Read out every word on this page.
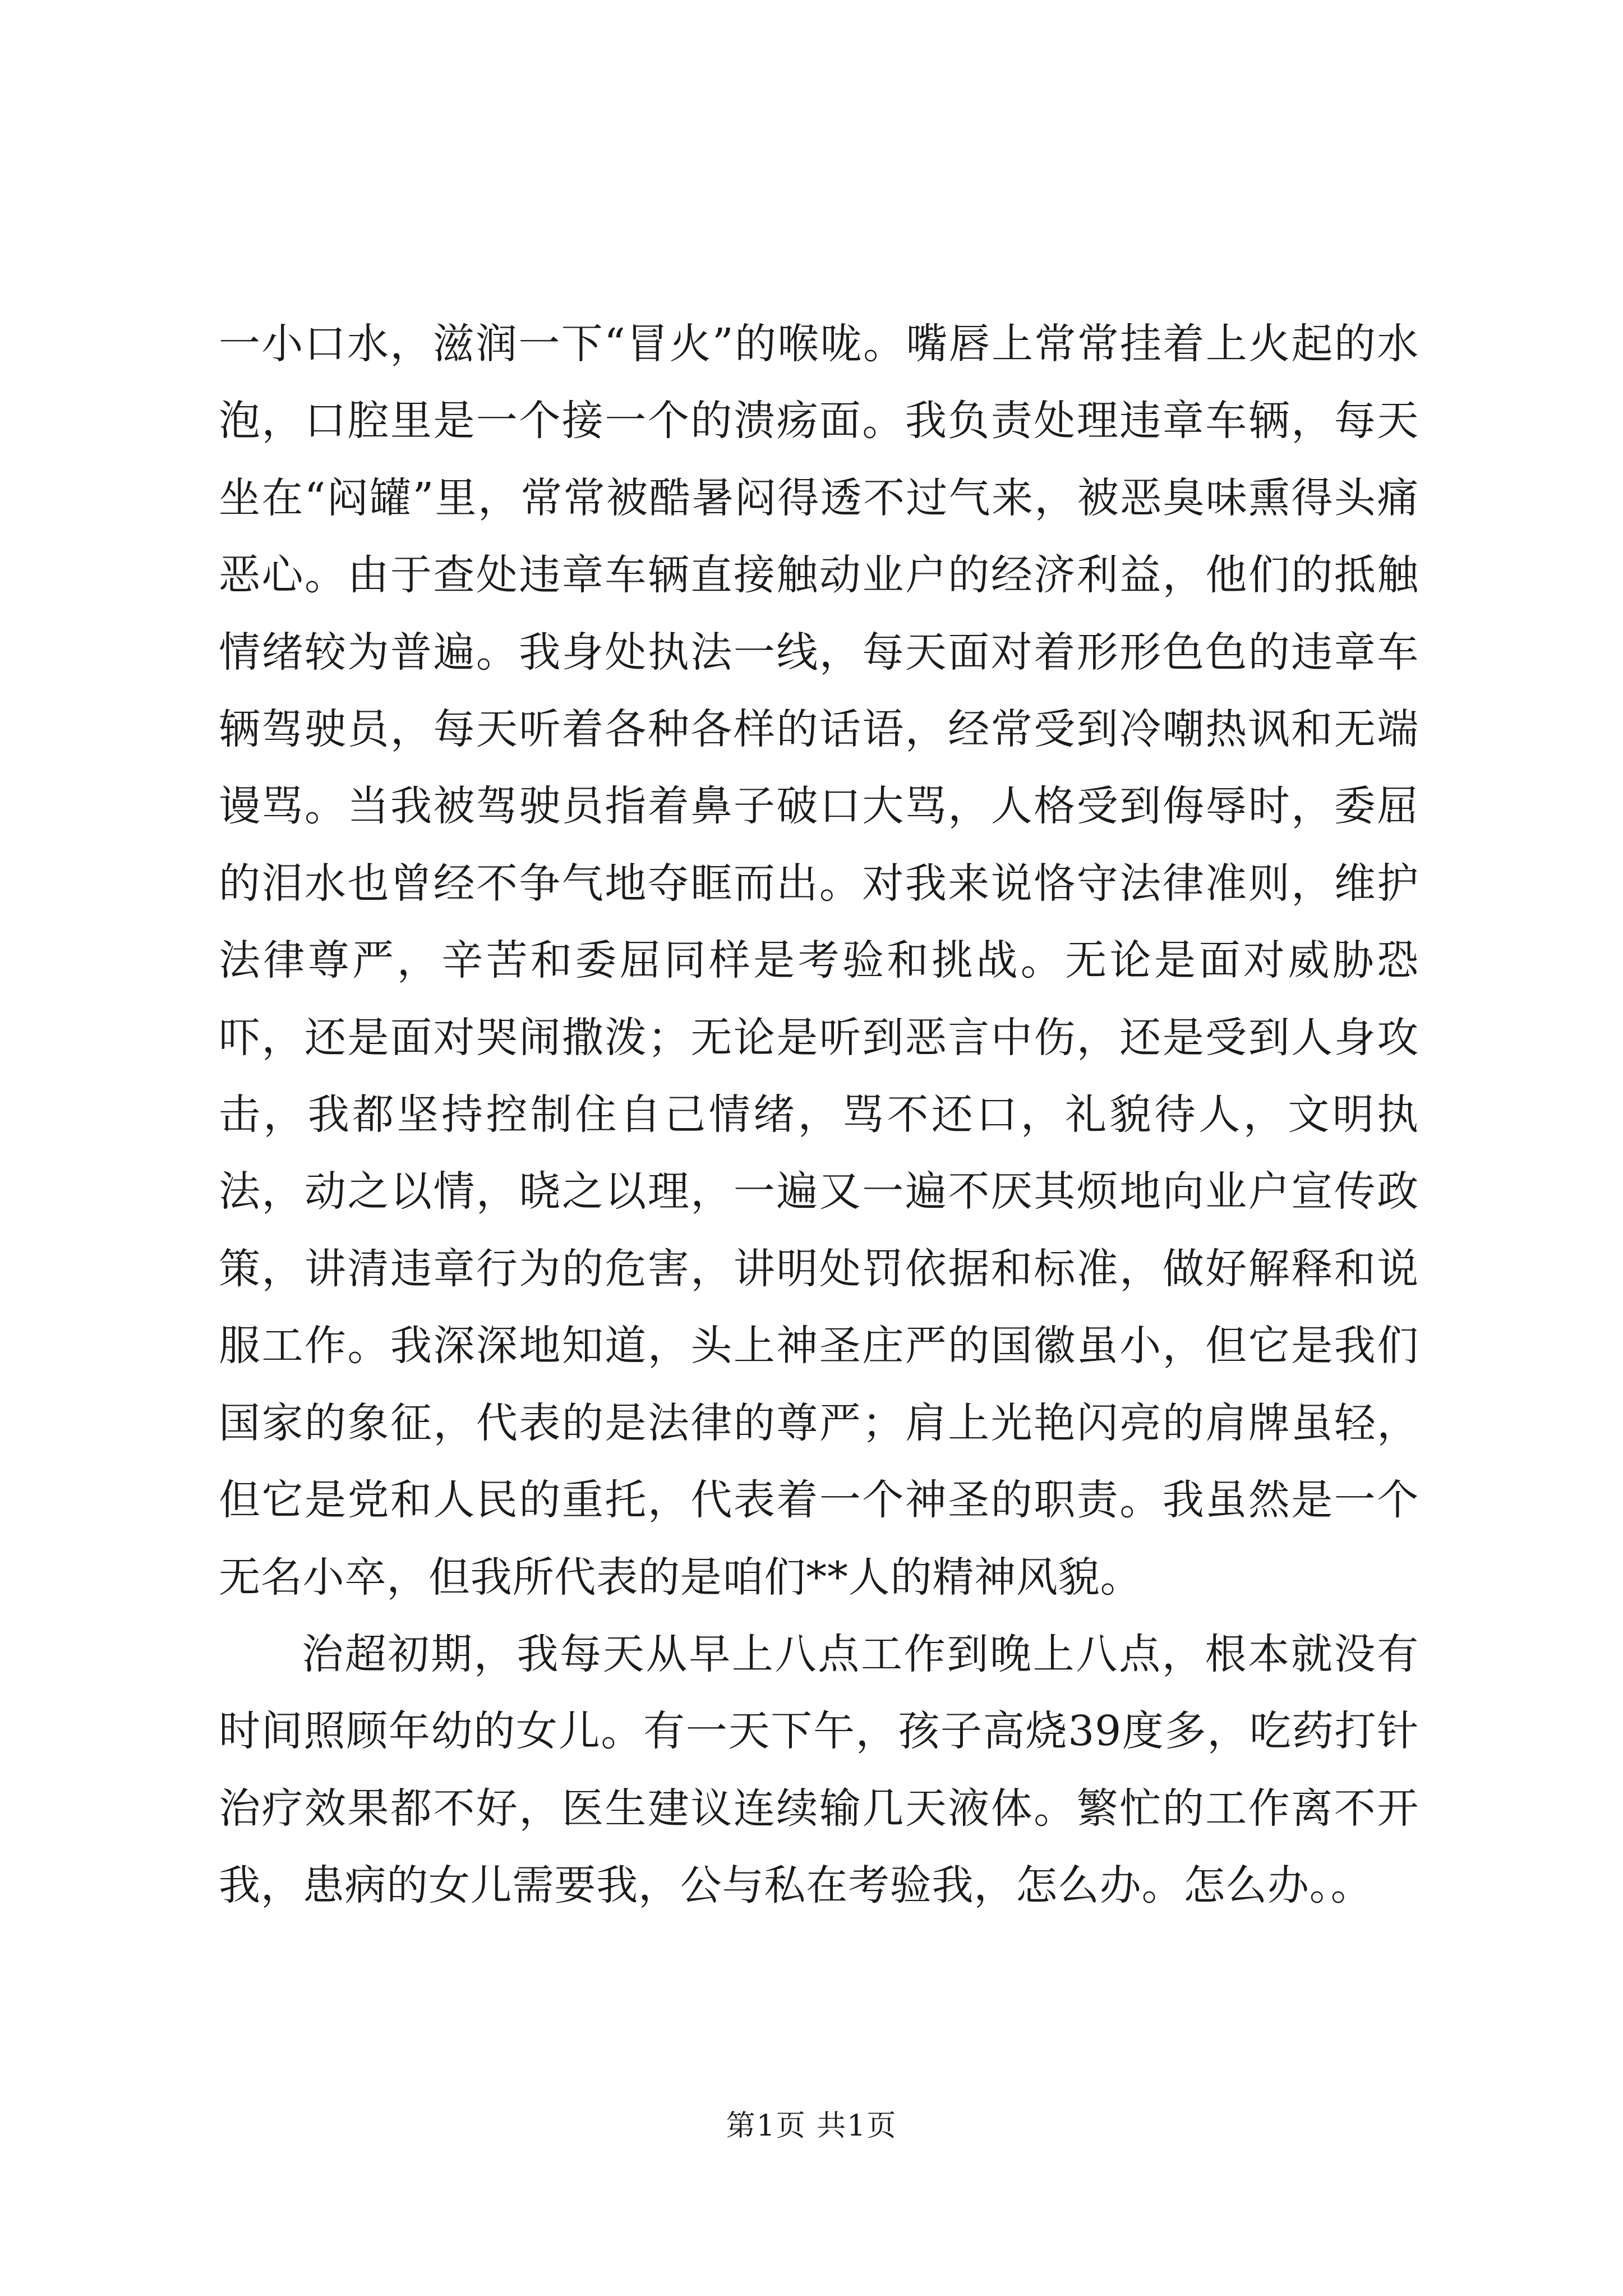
一小口水，滋润一下“冒火”的喉咙。嘴唇上常常挂着上火起的水泡，口腔里是一个接一个的溃疡面。我负责处理违章车辆，每天坐在“闷罐”里，常常被酷暑闷得透不过气来，被恶臭味熏得头痛恶心。由于查处违章车辆直接触动业户的经济利益，他们的抵触情绪较为普遍。我身处执法一线，每天面对着形形色色的违章车辆驾驶员，每天听着各种各样的话语，经常受到冷嘲热讽和无端谩骂。当我被驾驶员指着鼻子破口大骂，人格受到侮辱时，委屈的泪水也曾经不争气地夺眶而出。对我来说恪守法律准则，维护法律尊严，辛苦和委屈同样是考验和挑战。无论是面对威胁恐吓，还是面对哭闹撒泼；无论是听到恶言中伤，还是受到人身攻击，我都坚持控制住自己情绪，骂不还口，礼貌待人，文明执法，动之以情，晓之以理，一遍又一遍不厌其烦地向业户宣传政策，讲清违章行为的危害，讲明处罚依据和标准，做好解释和说服工作。我深深地知道，头上神圣庄严的国徽虽小，但它是我们国家的象征，代表的是法律的尊严；肩上光艳闪亮的肩牌虽轻，但它是党和人民的重托，代表着一个神圣的职责。我虽然是一个无名小卒，但我所代表的是咱们**人的精神风貌。

治超初期，我每天从早上八点工作到晚上八点，根本就没有时间照顾年幼的女儿。有一天下午，孩子高烧39度多，吃药打针治疗效果都不好，医生建议连续输几天液体。繁忙的工作离不开我，患病的女儿需要我，公与私在考验我，怎么办。怎么办。。

第1页 共1页
